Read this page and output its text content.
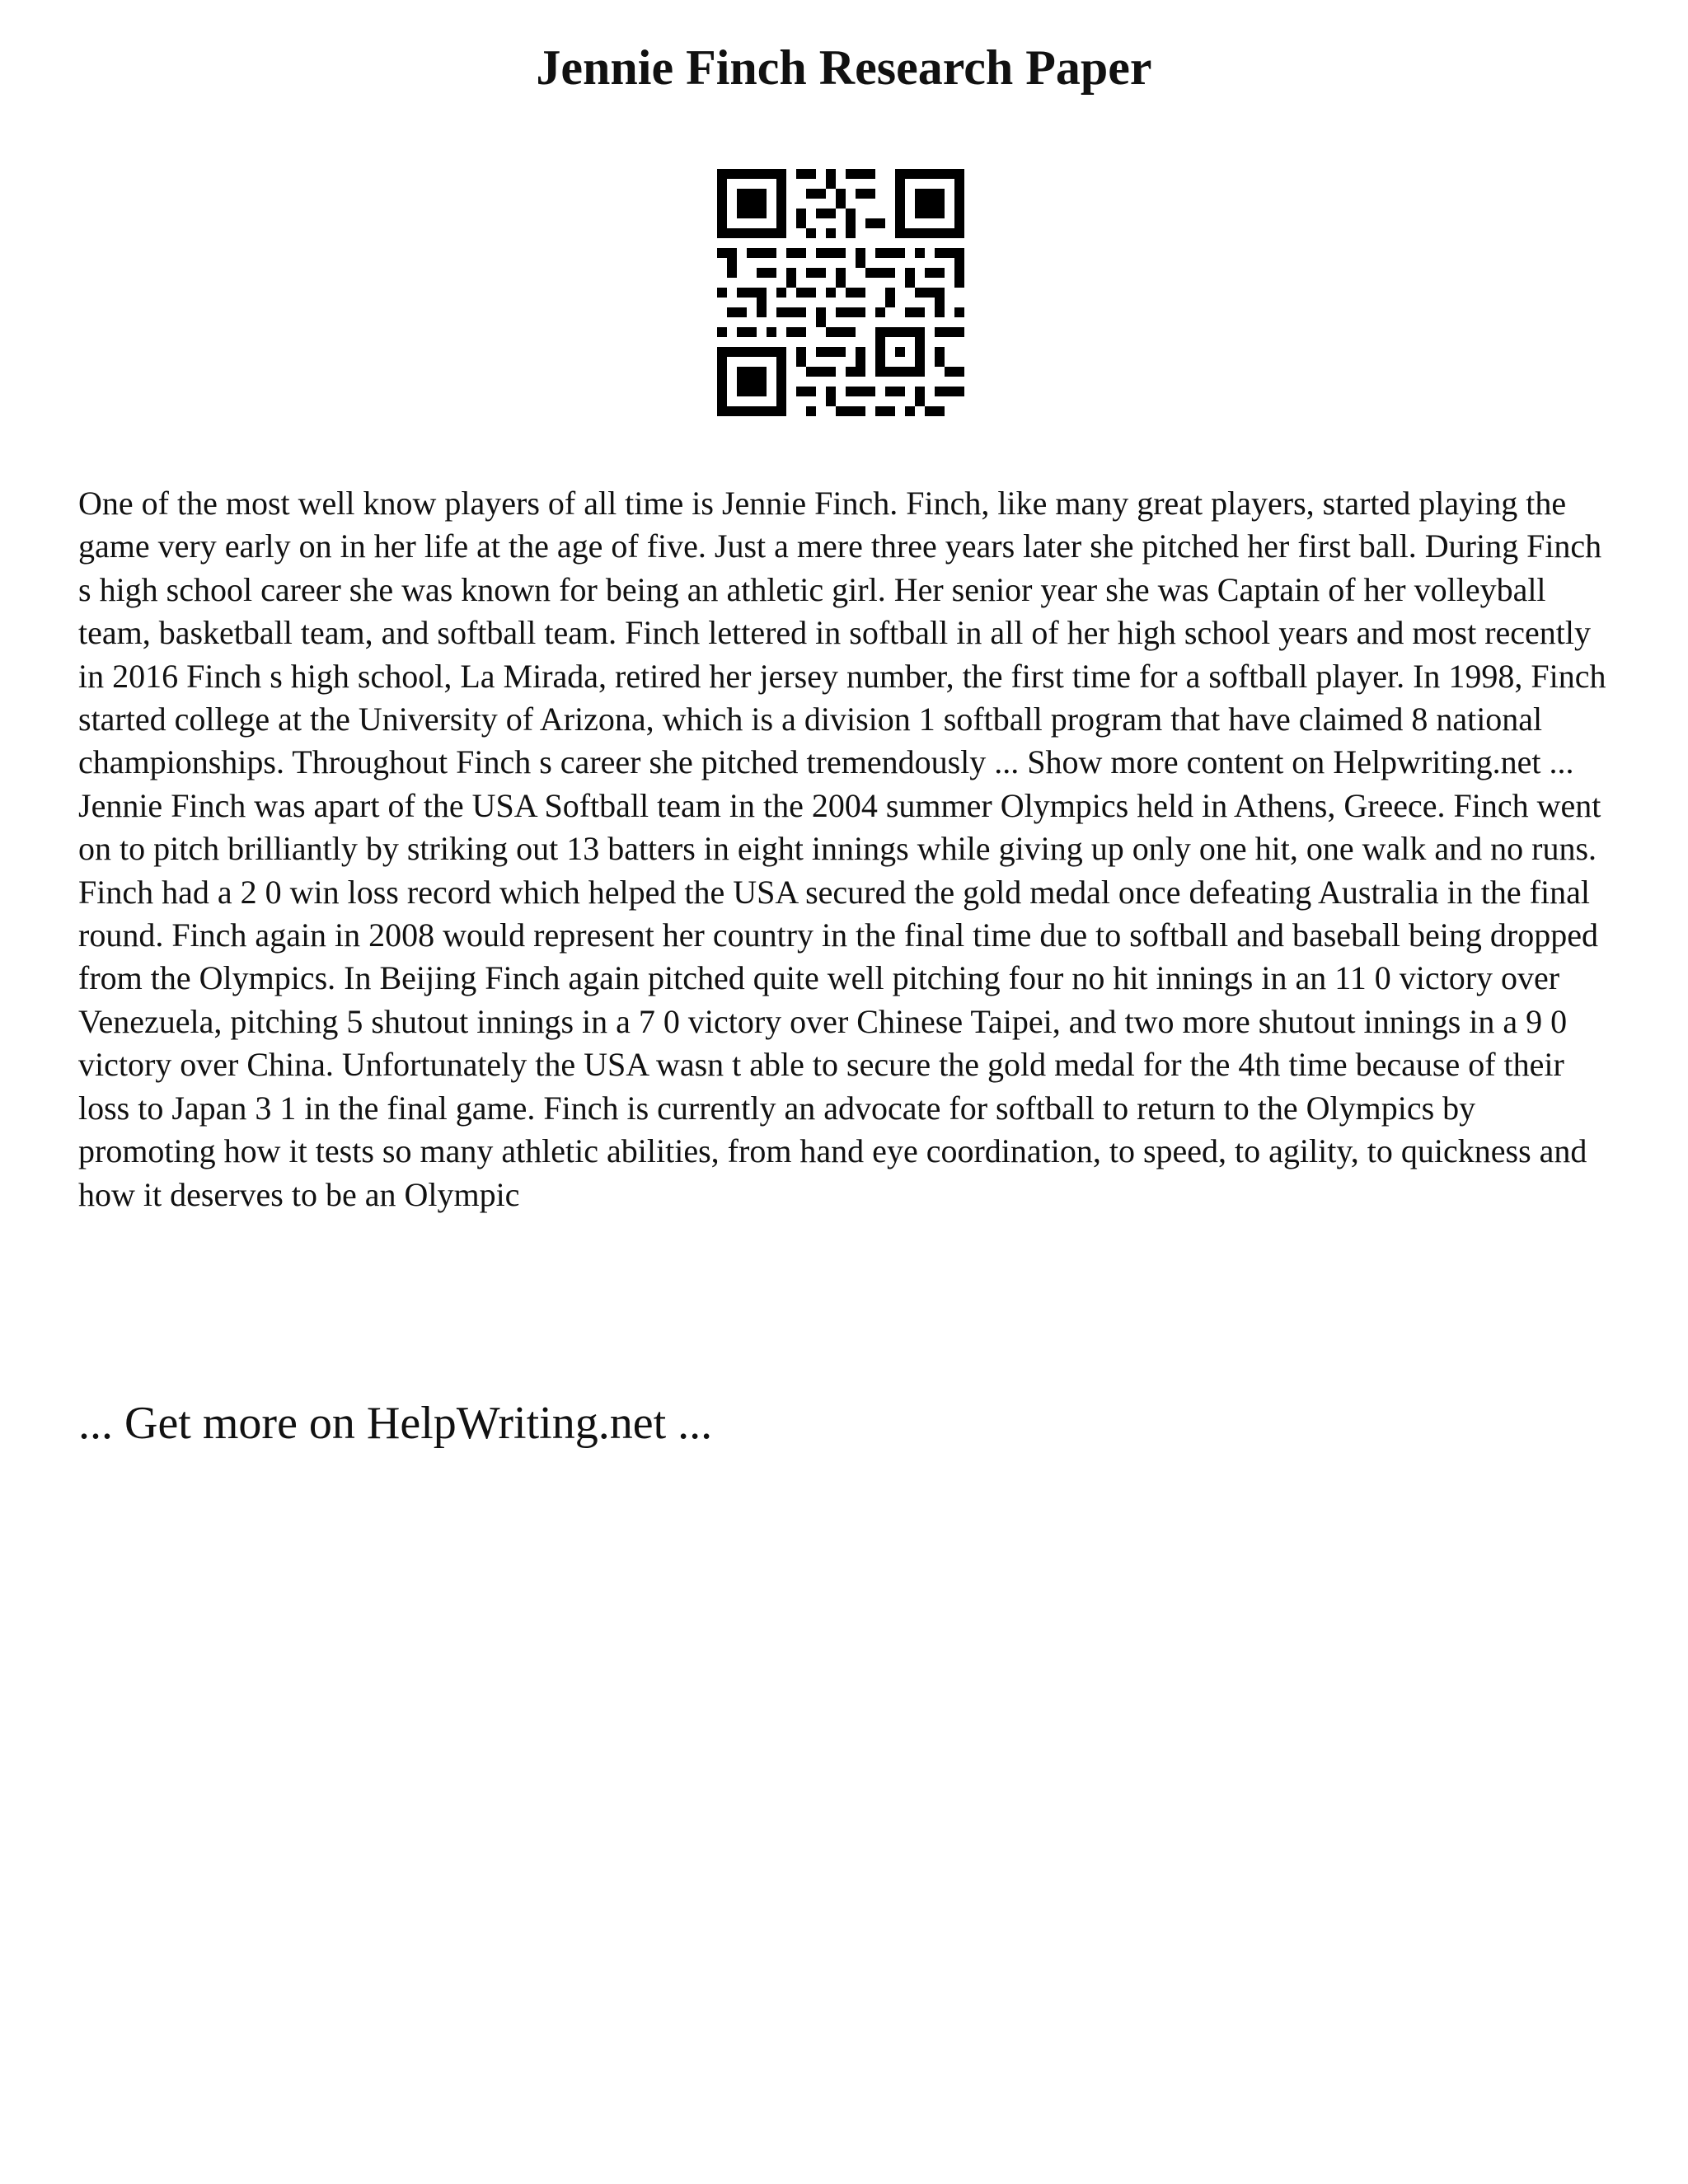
Jennie Finch Research Paper

One of the most well know players of all time is Jennie Finch. Finch, like many great players, started playing the game very early on in her life at the age of five. Just a mere three years later she pitched her first ball. During Finch s high school career she was known for being an athletic girl. Her senior year she was Captain of her volleyball team, basketball team, and softball team. Finch lettered in softball in all of her high school years and most recently in 2016 Finch s high school, La Mirada, retired her jersey number, the first time for a softball player. In 1998, Finch started college at the University of Arizona, which is a division 1 softball program that have claimed 8 national championships. Throughout Finch s career she pitched tremendously ... Show more content on Helpwriting.net ...

Jennie Finch was apart of the USA Softball team in the 2004 summer Olympics held in Athens, Greece. Finch went on to pitch brilliantly by striking out 13 batters in eight innings while giving up only one hit, one walk and no runs. Finch had a 2 0 win loss record which helped the USA secured the gold medal once defeating Australia in the final round. Finch again in 2008 would represent her country in the final time due to softball and baseball being dropped from the Olympics. In Beijing Finch again pitched quite well pitching four no hit innings in an 11 0 victory over Venezuela, pitching 5 shutout innings in a 7 0 victory over Chinese Taipei, and two more shutout innings in a 9 0 victory over China. Unfortunately the USA wasn t able to secure the gold medal for the 4th time because of their loss to Japan 3 1 in the final game. Finch is currently an advocate for softball to return to the Olympics by promoting how it tests so many athletic abilities, from hand eye coordination, to speed, to agility, to quickness and how it deserves to be an Olympic

... Get more on HelpWriting.net ...
